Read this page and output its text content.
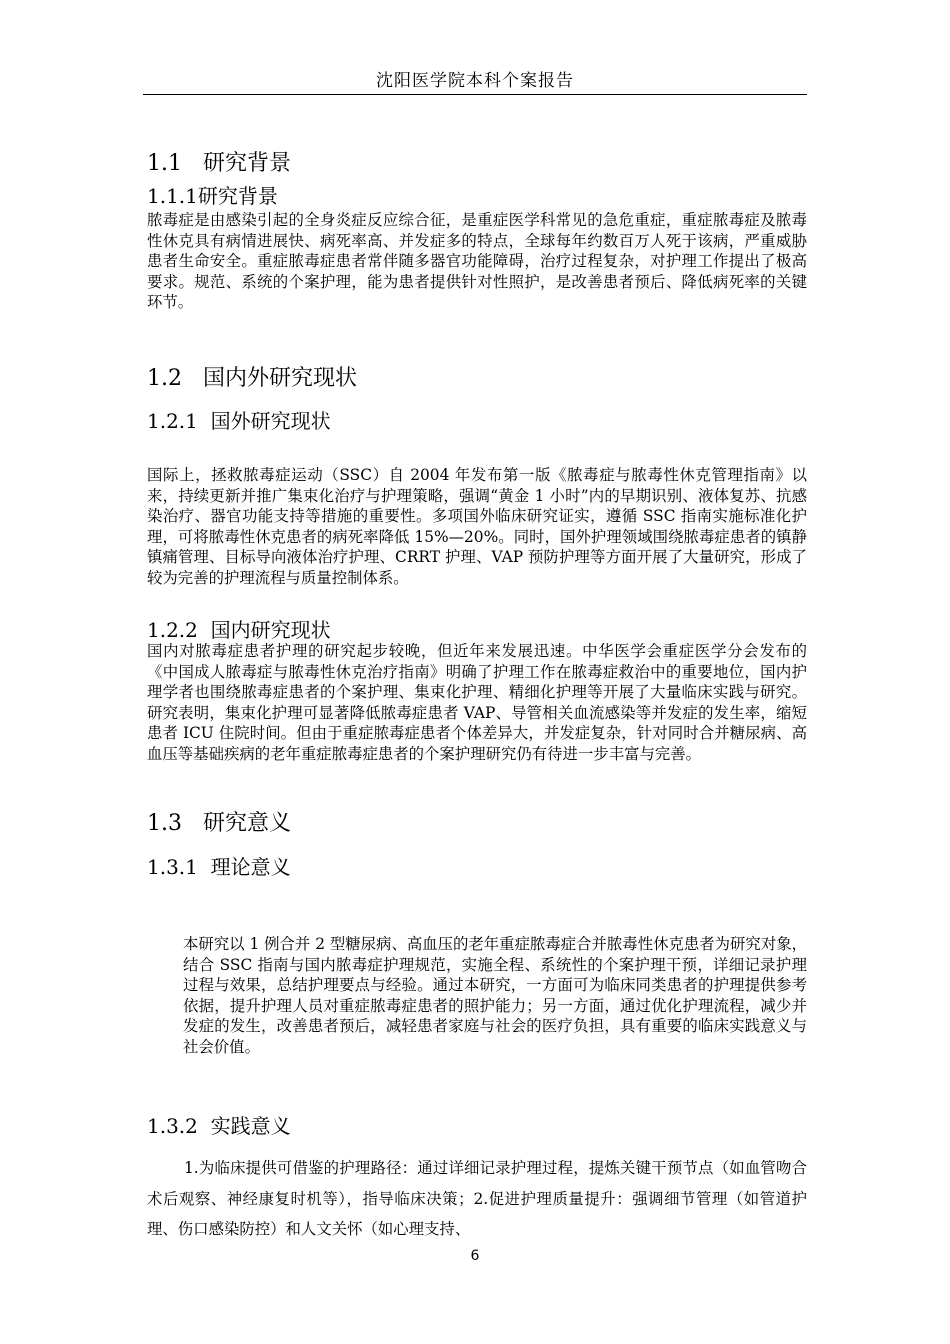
沈阳医学院本科个案报告
1.1   研究背景
1.1.1研究背景
脓毒症是由感染引起的全身炎症反应综合征，是重症医学科常见的急危重症，重症脓毒症及脓毒性休克具有病情进展快、病死率高、并发症多的特点，全球每年约数百万人死于该病，严重威胁患者生命安全。重症脓毒症患者常伴随多器官功能障碍，治疗过程复杂，对护理工作提出了极高要求。规范、系统的个案护理，能为患者提供针对性照护，是改善患者预后、降低病死率的关键环节。
1.2   国内外研究现状
1.2.1  国外研究现状
国际上，拯救脓毒症运动（SSC）自 2004 年发布第一版《脓毒症与脓毒性休克管理指南》以来，持续更新并推广集束化治疗与护理策略，强调“黄金 1 小时”内的早期识别、液体复苏、抗感染治疗、器官功能支持等措施的重要性。多项国外临床研究证实，遵循 SSC 指南实施标准化护理，可将脓毒性休克患者的病死率降低 15%—20%。同时，国外护理领域围绕脓毒症患者的镇静镇痛管理、目标导向液体治疗护理、CRRT 护理、VAP 预防护理等方面开展了大量研究，形成了较为完善的护理流程与质量控制体系。
1.2.2  国内研究现状
国内对脓毒症患者护理的研究起步较晚，但近年来发展迅速。中华医学会重症医学分会发布的《中国成人脓毒症与脓毒性休克治疗指南》明确了护理工作在脓毒症救治中的重要地位，国内护理学者也围绕脓毒症患者的个案护理、集束化护理、精细化护理等开展了大量临床实践与研究。研究表明，集束化护理可显著降低脓毒症患者 VAP、导管相关血流感染等并发症的发生率，缩短患者 ICU 住院时间。但由于重症脓毒症患者个体差异大，并发症复杂，针对同时合并糖尿病、高血压等基础疾病的老年重症脓毒症患者的个案护理研究仍有待进一步丰富与完善。
1.3   研究意义
1.3.1  理论意义
本研究以 1 例合并 2 型糖尿病、高血压的老年重症脓毒症合并脓毒性休克患者为研究对象，结合 SSC 指南与国内脓毒症护理规范，实施全程、系统性的个案护理干预，详细记录护理过程与效果，总结护理要点与经验。通过本研究，一方面可为临床同类患者的护理提供参考依据，提升护理人员对重症脓毒症患者的照护能力；另一方面，通过优化护理流程，减少并发症的发生，改善患者预后，减轻患者家庭与社会的医疗负担，具有重要的临床实践意义与社会价值。
1.3.2  实践意义
1.为临床提供可借鉴的护理路径：通过详细记录护理过程，提炼关键干预节点（如血管吻合术后观察、神经康复时机等），指导临床决策；2.促进护理质量提升：强调细节管理（如管道护理、伤口感染防控）和人文关怀（如心理支持、
6
